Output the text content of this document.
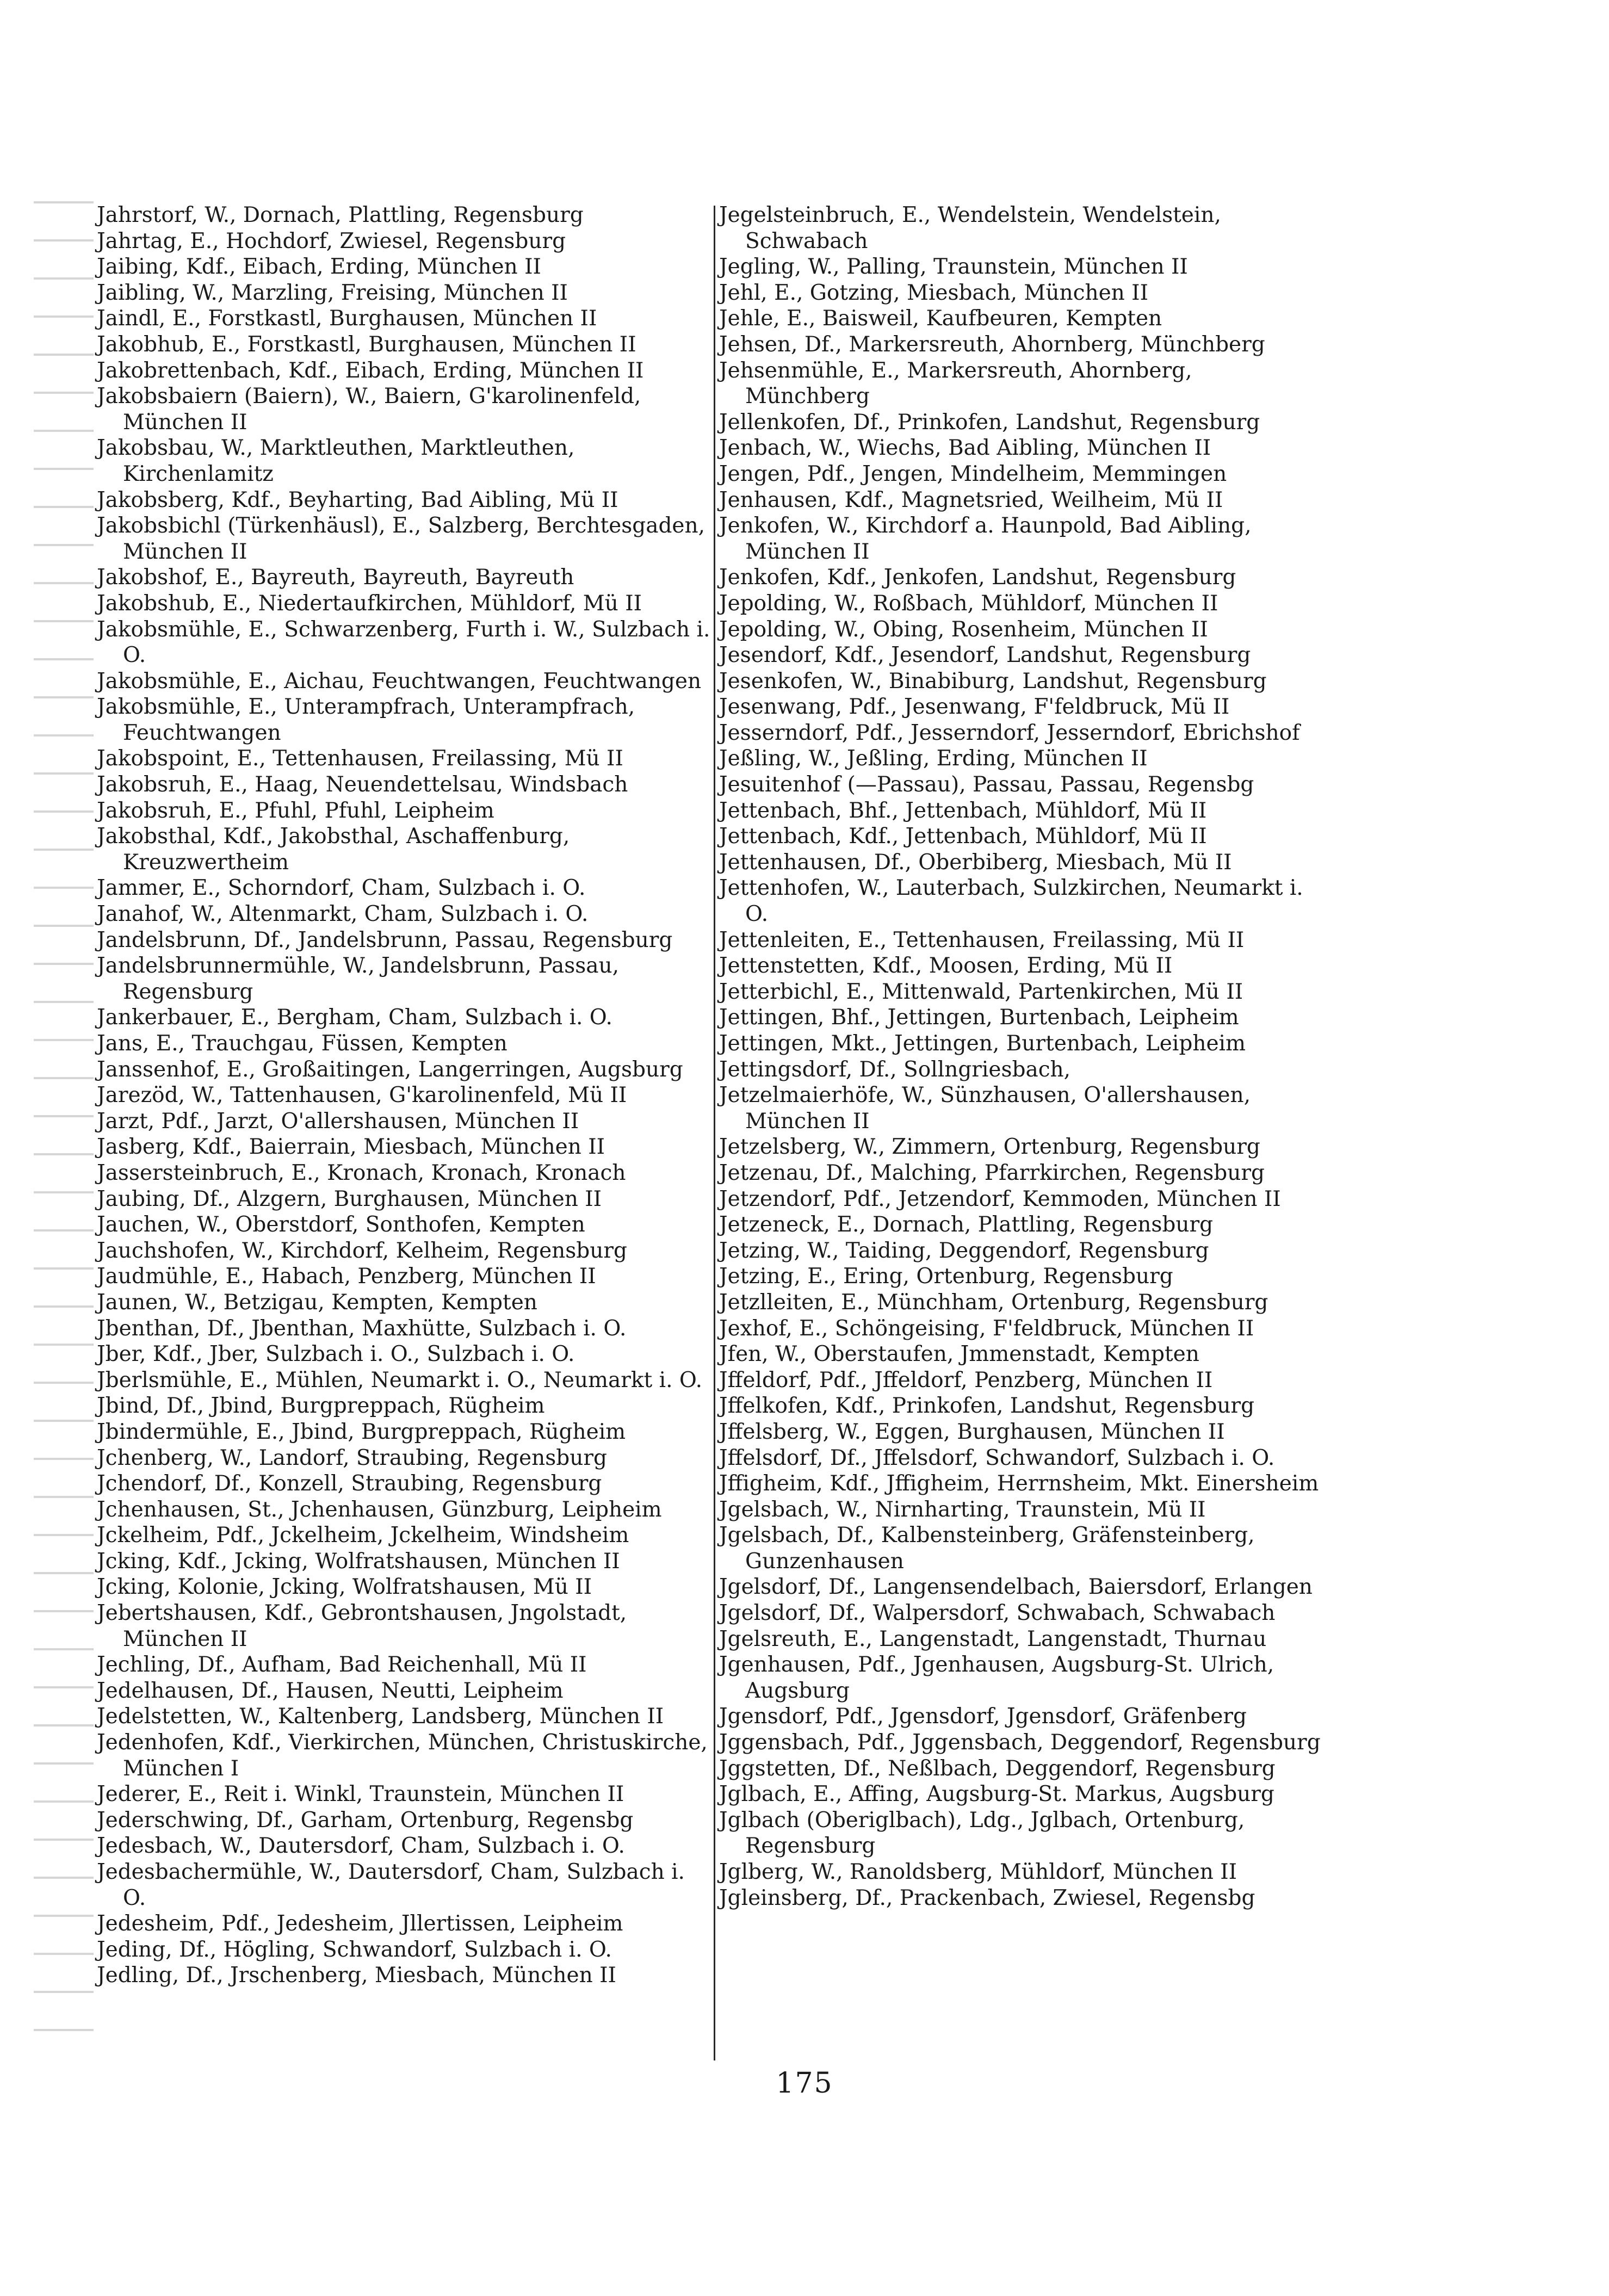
Jahrstorf, W., Dornach, Plattling, Regensburg
Jahrtag, E., Hochdorf, Zwiesel, Regensburg
Jaibing, Kdf., Eibach, Erding, München II
Jaibling, W., Marzling, Freising, München II
Jaindl, E., Forstkastl, Burghausen, München II
Jakobhub, E., Forstkastl, Burghausen, München II
Jakobrettenbach, Kdf., Eibach, Erding, München II
Jakobsbaiern (Baiern), W., Baiern, G'karolinenfeld, München II
Jakobsbau, W., Marktleuthen, Marktleuthen, Kirchenlamitz
Jakobsberg, Kdf., Beyharting, Bad Aibling, Mü II
Jakobsbichl (Türkenhäusl), E., Salzberg, Berchtesgaden, München II
Jakobshof, E., Bayreuth, Bayreuth, Bayreuth
Jakobshub, E., Niedertaufkirchen, Mühldorf, Mü II
Jakobsmühle, E., Schwarzenberg, Furth i. W., Sulzbach i. O.
Jakobsmühle, E., Aichau, Feuchtwangen, Feuchtwangen
Jakobsmühle, E., Unterampfrach, Unterampfrach, Feuchtwangen
Jakobspoint, E., Tettenhausen, Freilassing, Mü II
Jakobsruh, E., Haag, Neuendettelsau, Windsbach
Jakobsruh, E., Pfuhl, Pfuhl, Leipheim
Jakobsthal, Kdf., Jakobsthal, Aschaffenburg, Kreuzwertheim
Jammer, E., Schorndorf, Cham, Sulzbach i. O.
Janahof, W., Altenmarkt, Cham, Sulzbach i. O.
Jandelsbrunn, Df., Jandelsbrunn, Passau, Regensburg
Jandelsbrunnermühle, W., Jandelsbrunn, Passau, Regensburg
Jankerbauer, E., Bergham, Cham, Sulzbach i. O.
Jans, E., Trauchgau, Füssen, Kempten
Janssenhof, E., Großaitingen, Langerringen, Augsburg
Jarezöd, W., Tattenhausen, G'karolinenfeld, Mü II
Jarzt, Pdf., Jarzt, O'allershausen, München II
Jasberg, Kdf., Baierrain, Miesbach, München II
Jassersteinbruch, E., Kronach, Kronach, Kronach
Jaubing, Df., Alzgern, Burghausen, München II
Jauchen, W., Oberstdorf, Sonthofen, Kempten
Jauchshofen, W., Kirchdorf, Kelheim, Regensburg
Jaudmühle, E., Habach, Penzberg, München II
Jaunen, W., Betzigau, Kempten, Kempten
Jbenthan, Df., Jbenthan, Maxhütte, Sulzbach i. O.
Jber, Kdf., Jber, Sulzbach i. O., Sulzbach i. O.
Jberlsmühle, E., Mühlen, Neumarkt i. O., Neumarkt i. O.
Jbind, Df., Jbind, Burgpreppach, Rügheim
Jbindermühle, E., Jbind, Burgpreppach, Rügheim
Jchenberg, W., Landorf, Straubing, Regensburg
Jchendorf, Df., Konzell, Straubing, Regensburg
Jchenhausen, St., Jchenhausen, Günzburg, Leipheim
Jckelheim, Pdf., Jckelheim, Jckelheim, Windsheim
Jcking, Kdf., Jcking, Wolfratshausen, München II
Jcking, Kolonie, Jcking, Wolfratshausen, Mü II
Jebertshausen, Kdf., Gebrontshausen, Jngolstadt, München II
Jechling, Df., Aufham, Bad Reichenhall, Mü II
Jedelhausen, Df., Hausen, Neutti, Leipheim
Jedelstetten, W., Kaltenberg, Landsberg, München II
Jedenhofen, Kdf., Vierkirchen, München, Christuskirche, München I
Jederer, E., Reit i. Winkl, Traunstein, München II
Jederschwing, Df., Garham, Ortenburg, Regensbg
Jedesbach, W., Dautersdorf, Cham, Sulzbach i. O.
Jedesbachermühle, W., Dautersdorf, Cham, Sulzbach i. O.
Jedesheim, Pdf., Jedesheim, Jllertissen, Leipheim
Jeding, Df., Högling, Schwandorf, Sulzbach i. O.
Jedling, Df., Jrschenberg, Miesbach, München II
Jegelsteinbruch, E., Wendelstein, Wendelstein, Schwabach
Jegling, W., Palling, Traunstein, München II
Jehl, E., Gotzing, Miesbach, München II
Jehle, E., Baisweil, Kaufbeuren, Kempten
Jehsen, Df., Markersreuth, Ahornberg, Münchberg
Jehsenmühle, E., Markersreuth, Ahornberg, Münchberg
Jellenkofen, Df., Prinkofen, Landshut, Regensburg
Jenbach, W., Wiechs, Bad Aibling, München II
Jengen, Pdf., Jengen, Mindelheim, Memmingen
Jenhausen, Kdf., Magnetsried, Weilheim, Mü II
Jenkofen, W., Kirchdorf a. Haunpold, Bad Aibling, München II
Jenkofen, Kdf., Jenkofen, Landshut, Regensburg
Jepolding, W., Roßbach, Mühldorf, München II
Jepolding, W., Obing, Rosenheim, München II
Jesendorf, Kdf., Jesendorf, Landshut, Regensburg
Jesenkofen, W., Binabiburg, Landshut, Regensburg
Jesenwang, Pdf., Jesenwang, F'feldbruck, Mü II
Jesserndorf, Pdf., Jesserndorf, Jesserndorf, Ebrichshof
Jeßling, W., Jeßling, Erding, München II
Jesuitenhof (—Passau), Passau, Passau, Regensbg
Jettenbach, Bhf., Jettenbach, Mühldorf, Mü II
Jettenbach, Kdf., Jettenbach, Mühldorf, Mü II
Jettenhausen, Df., Oberbiberg, Miesbach, Mü II
Jettenhofen, W., Lauterbach, Sulzkirchen, Neumarkt i. O.
Jettenleiten, E., Tettenhausen, Freilassing, Mü II
Jettenstetten, Kdf., Moosen, Erding, Mü II
Jetterbichl, E., Mittenwald, Partenkirchen, Mü II
Jettingen, Bhf., Jettingen, Burtenbach, Leipheim
Jettingen, Mkt., Jettingen, Burtenbach, Leipheim
Jettingsdorf, Df., Sollngriesbach,
Jetzelmaierhöfe, W., Sünzhausen, O'allershausen, München II
Jetzelsberg, W., Zimmern, Ortenburg, Regensburg
Jetzenau, Df., Malching, Pfarrkirchen, Regensburg
Jetzendorf, Pdf., Jetzendorf, Kemmoden, München II
Jetzeneck, E., Dornach, Plattling, Regensburg
Jetzing, W., Taiding, Deggendorf, Regensburg
Jetzing, E., Ering, Ortenburg, Regensburg
Jetzlleiten, E., Münchham, Ortenburg, Regensburg
Jexhof, E., Schöngeising, F'feldbruck, München II
Jfen, W., Oberstaufen, Jmmenstadt, Kempten
Jffeldorf, Pdf., Jffeldorf, Penzberg, München II
Jffelkofen, Kdf., Prinkofen, Landshut, Regensburg
Jffelsberg, W., Eggen, Burghausen, München II
Jffelsdorf, Df., Jffelsdorf, Schwandorf, Sulzbach i. O.
Jffigheim, Kdf., Jffigheim, Herrnsheim, Mkt. Einersheim
Jgelsbach, W., Nirnharting, Traunstein, Mü II
Jgelsbach, Df., Kalbensteinberg, Gräfensteinberg, Gunzenhausen
Jgelsdorf, Df., Langensendelbach, Baiersdorf, Erlangen
Jgelsdorf, Df., Walpersdorf, Schwabach, Schwabach
Jgelsreuth, E., Langenstadt, Langenstadt, Thurnau
Jgenhausen, Pdf., Jgenhausen, Augsburg-St. Ulrich, Augsburg
Jgensdorf, Pdf., Jgensdorf, Jgensdorf, Gräfenberg
Jggensbach, Pdf., Jggensbach, Deggendorf, Regensburg
Jggstetten, Df., Neßlbach, Deggendorf, Regensburg
Jglbach, E., Affing, Augsburg-St. Markus, Augsburg
Jglbach (Oberiglbach), Ldg., Jglbach, Ortenburg, Regensburg
Jglberg, W., Ranoldsberg, Mühldorf, München II
Jgleinsberg, Df., Prackenbach, Zwiesel, Regensbg
175
